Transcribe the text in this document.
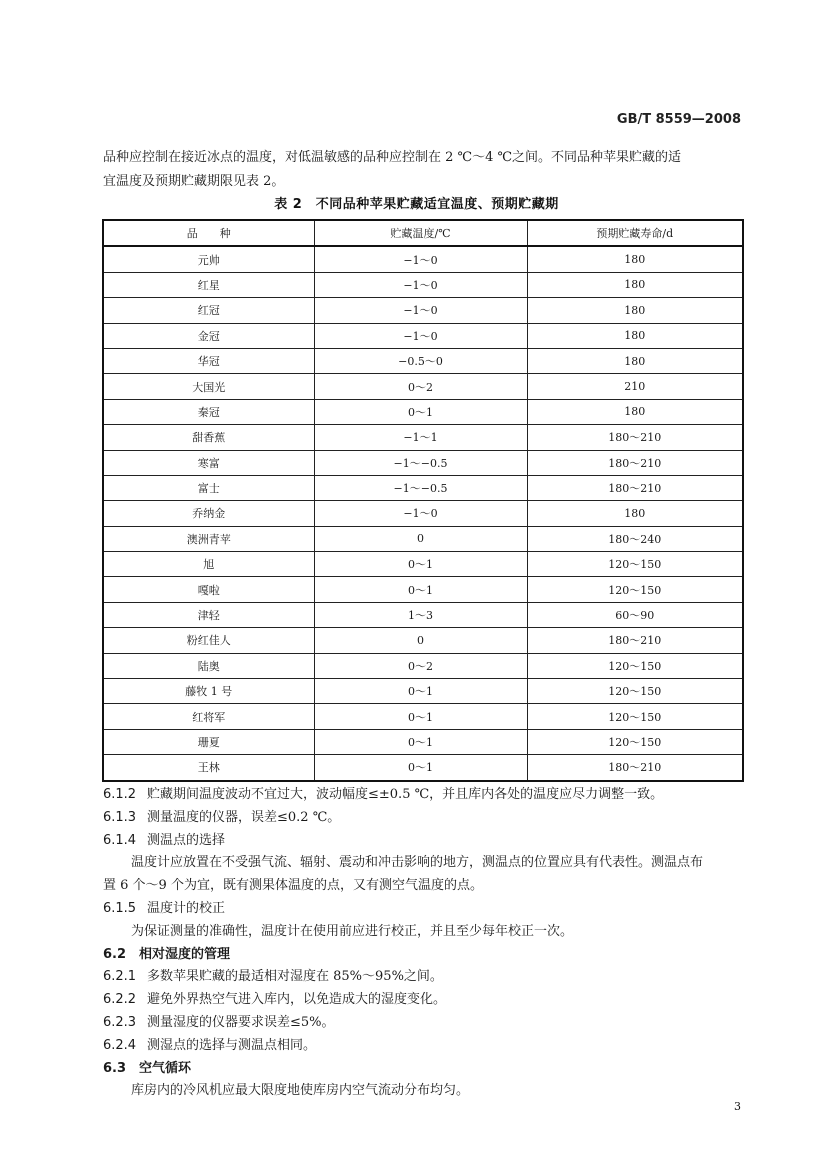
GB/T 8559—2008
品种应控制在接近冰点的温度，对低温敏感的品种应控制在 2 ℃～4 ℃之间。不同品种苹果贮藏的适
宜温度及预期贮藏期限见表 2。
表 2　不同品种苹果贮藏适宜温度、预期贮藏期
品　　种	贮藏温度/℃	预期贮藏寿命/d
元帅	−1～0	180
红星	−1～0	180
红冠	−1～0	180
金冠	−1～0	180
华冠	−0.5～0	180
大国光	0～2	210
秦冠	0～1	180
甜香蕉	−1～1	180～210
寒富	−1～−0.5	180～210
富士	−1～−0.5	180～210
乔纳金	−1～0	180
澳洲青苹	0	180～240
旭	0～1	120～150
嘎啦	0～1	120～150
津轻	1～3	60～90
粉红佳人	0	180～210
陆奥	0～2	120～150
藤牧 1 号	0～1	120～150
红将军	0～1	120～150
珊夏	0～1	120～150
王林	0～1	180～210
6.1.2 贮藏期间温度波动不宜过大，波动幅度≤±0.5 ℃，并且库内各处的温度应尽力调整一致。
6.1.3 测量温度的仪器，误差≤0.2 ℃。
6.1.4 测温点的选择
温度计应放置在不受强气流、辐射、震动和冲击影响的地方，测温点的位置应具有代表性。测温点布
置 6 个～9 个为宜，既有测果体温度的点，又有测空气温度的点。
6.1.5 温度计的校正
为保证测量的准确性，温度计在使用前应进行校正，并且至少每年校正一次。
6.2 相对湿度的管理
6.2.1 多数苹果贮藏的最适相对湿度在 85%～95%之间。
6.2.2 避免外界热空气进入库内，以免造成大的湿度变化。
6.2.3 测量湿度的仪器要求误差≤5%。
6.2.4 测湿点的选择与测温点相同。
6.3 空气循环
库房内的冷风机应最大限度地使库房内空气流动分布均匀。
3
